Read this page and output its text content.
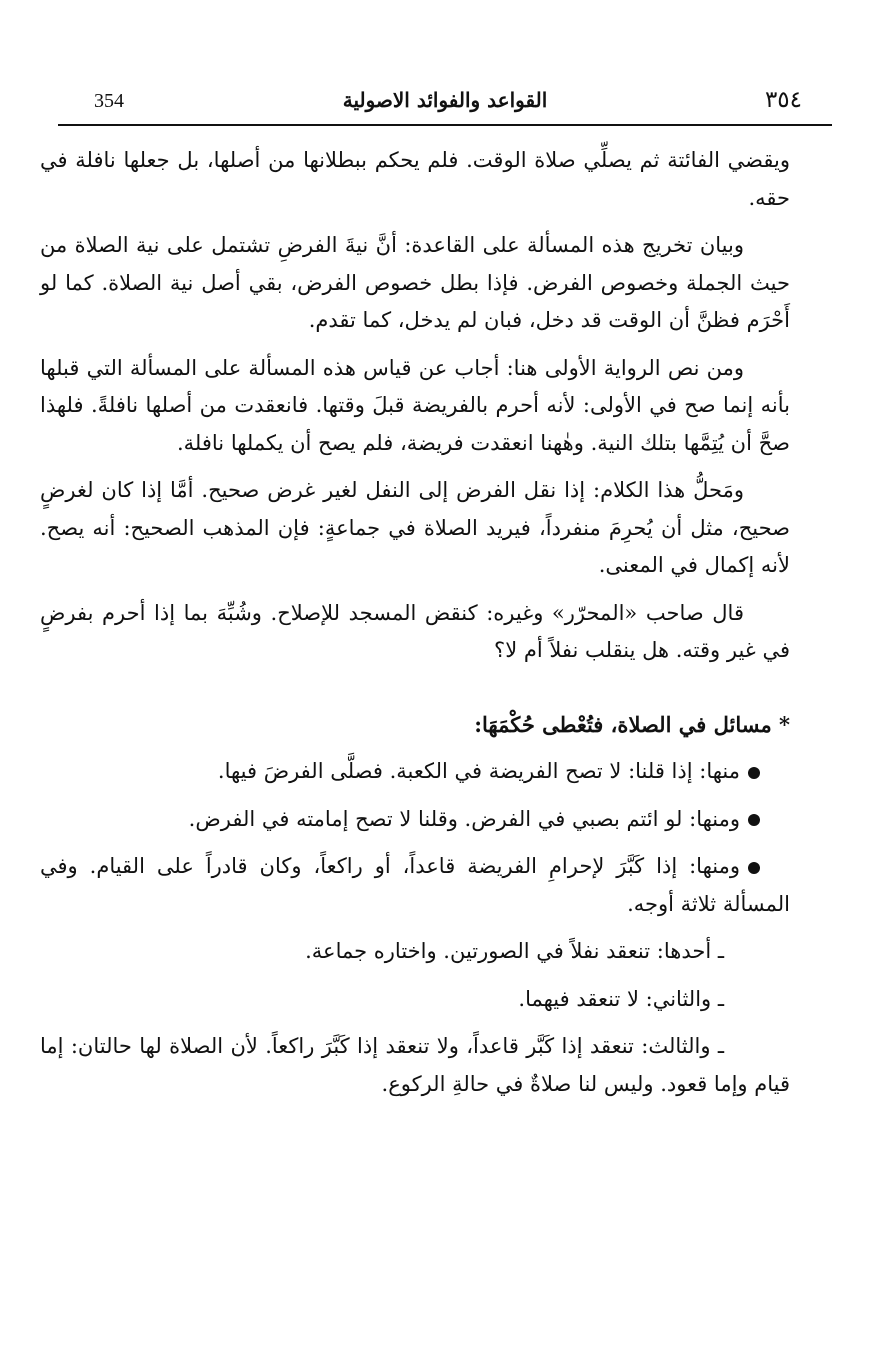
354	القواعد والفوائد الاصولية	٣٥٤

ويقضي الفائتة ثم يصلِّي صلاة الوقت. فلم يحكم ببطلانها من أصلها، بل جعلها نافلة في حقه.

وبيان تخريج هذه المسألة على القاعدة: أنَّ نيةَ الفرضِ تشتمل على نية الصلاة من حيث الجملة وخصوص الفرض. فإذا بطل خصوص الفرض، بقي أصل نية الصلاة. كما لو أَحْرَم فظنَّ أن الوقت قد دخل، فبان لم يدخل، كما تقدم.

ومن نص الرواية الأولى هنا: أجاب عن قياس هذه المسألة على المسألة التي قبلها بأنه إنما صح في الأولى: لأنه أحرم بالفريضة قبلَ وقتها. فانعقدت من أصلها نافلةً. فلهذا صحَّ أن يُتِمَّها بتلك النية. وهٰهنا انعقدت فريضة، فلم يصح أن يكملها نافلة.

ومَحلُّ هذا الكلام: إذا نقل الفرض إلى النفل لغير غرض صحيح. أمَّا إذا كان لغرضٍ صحيح، مثل أن يُحرِمَ منفرداً، فيريد الصلاة في جماعةٍ: فإن المذهب الصحيح: أنه يصح. لأنه إكمال في المعنى.

قال صاحب «المحرّر» وغيره: كنقض المسجد للإصلاح. وشُبِّهَ بما إذا أحرم بفرضٍ في غير وقته. هل ينقلب نفلاً أم لا؟

* مسائل في الصلاة، فتُعْطى حُكْمَهَا:

منها: إذا قلنا: لا تصح الفريضة في الكعبة. فصلَّى الفرضَ فيها.

ومنها: لو ائتم بصبي في الفرض. وقلنا لا تصح إمامته في الفرض.

ومنها: إذا كَبَّرَ لإحرامِ الفريضة قاعداً، أو راكعاً، وكان قادراً على القيام. وفي المسألة ثلاثة أوجه.

ـ أحدها: تنعقد نفلاً في الصورتين. واختاره جماعة.

ـ والثاني: لا تنعقد فيهما.

ـ والثالث: تنعقد إذا كَبَّر قاعداً، ولا تنعقد إذا كَبَّرَ راكعاً. لأن الصلاة لها حالتان: إما قيام وإما قعود. وليس لنا صلاةٌ في حالةِ الركوع.
